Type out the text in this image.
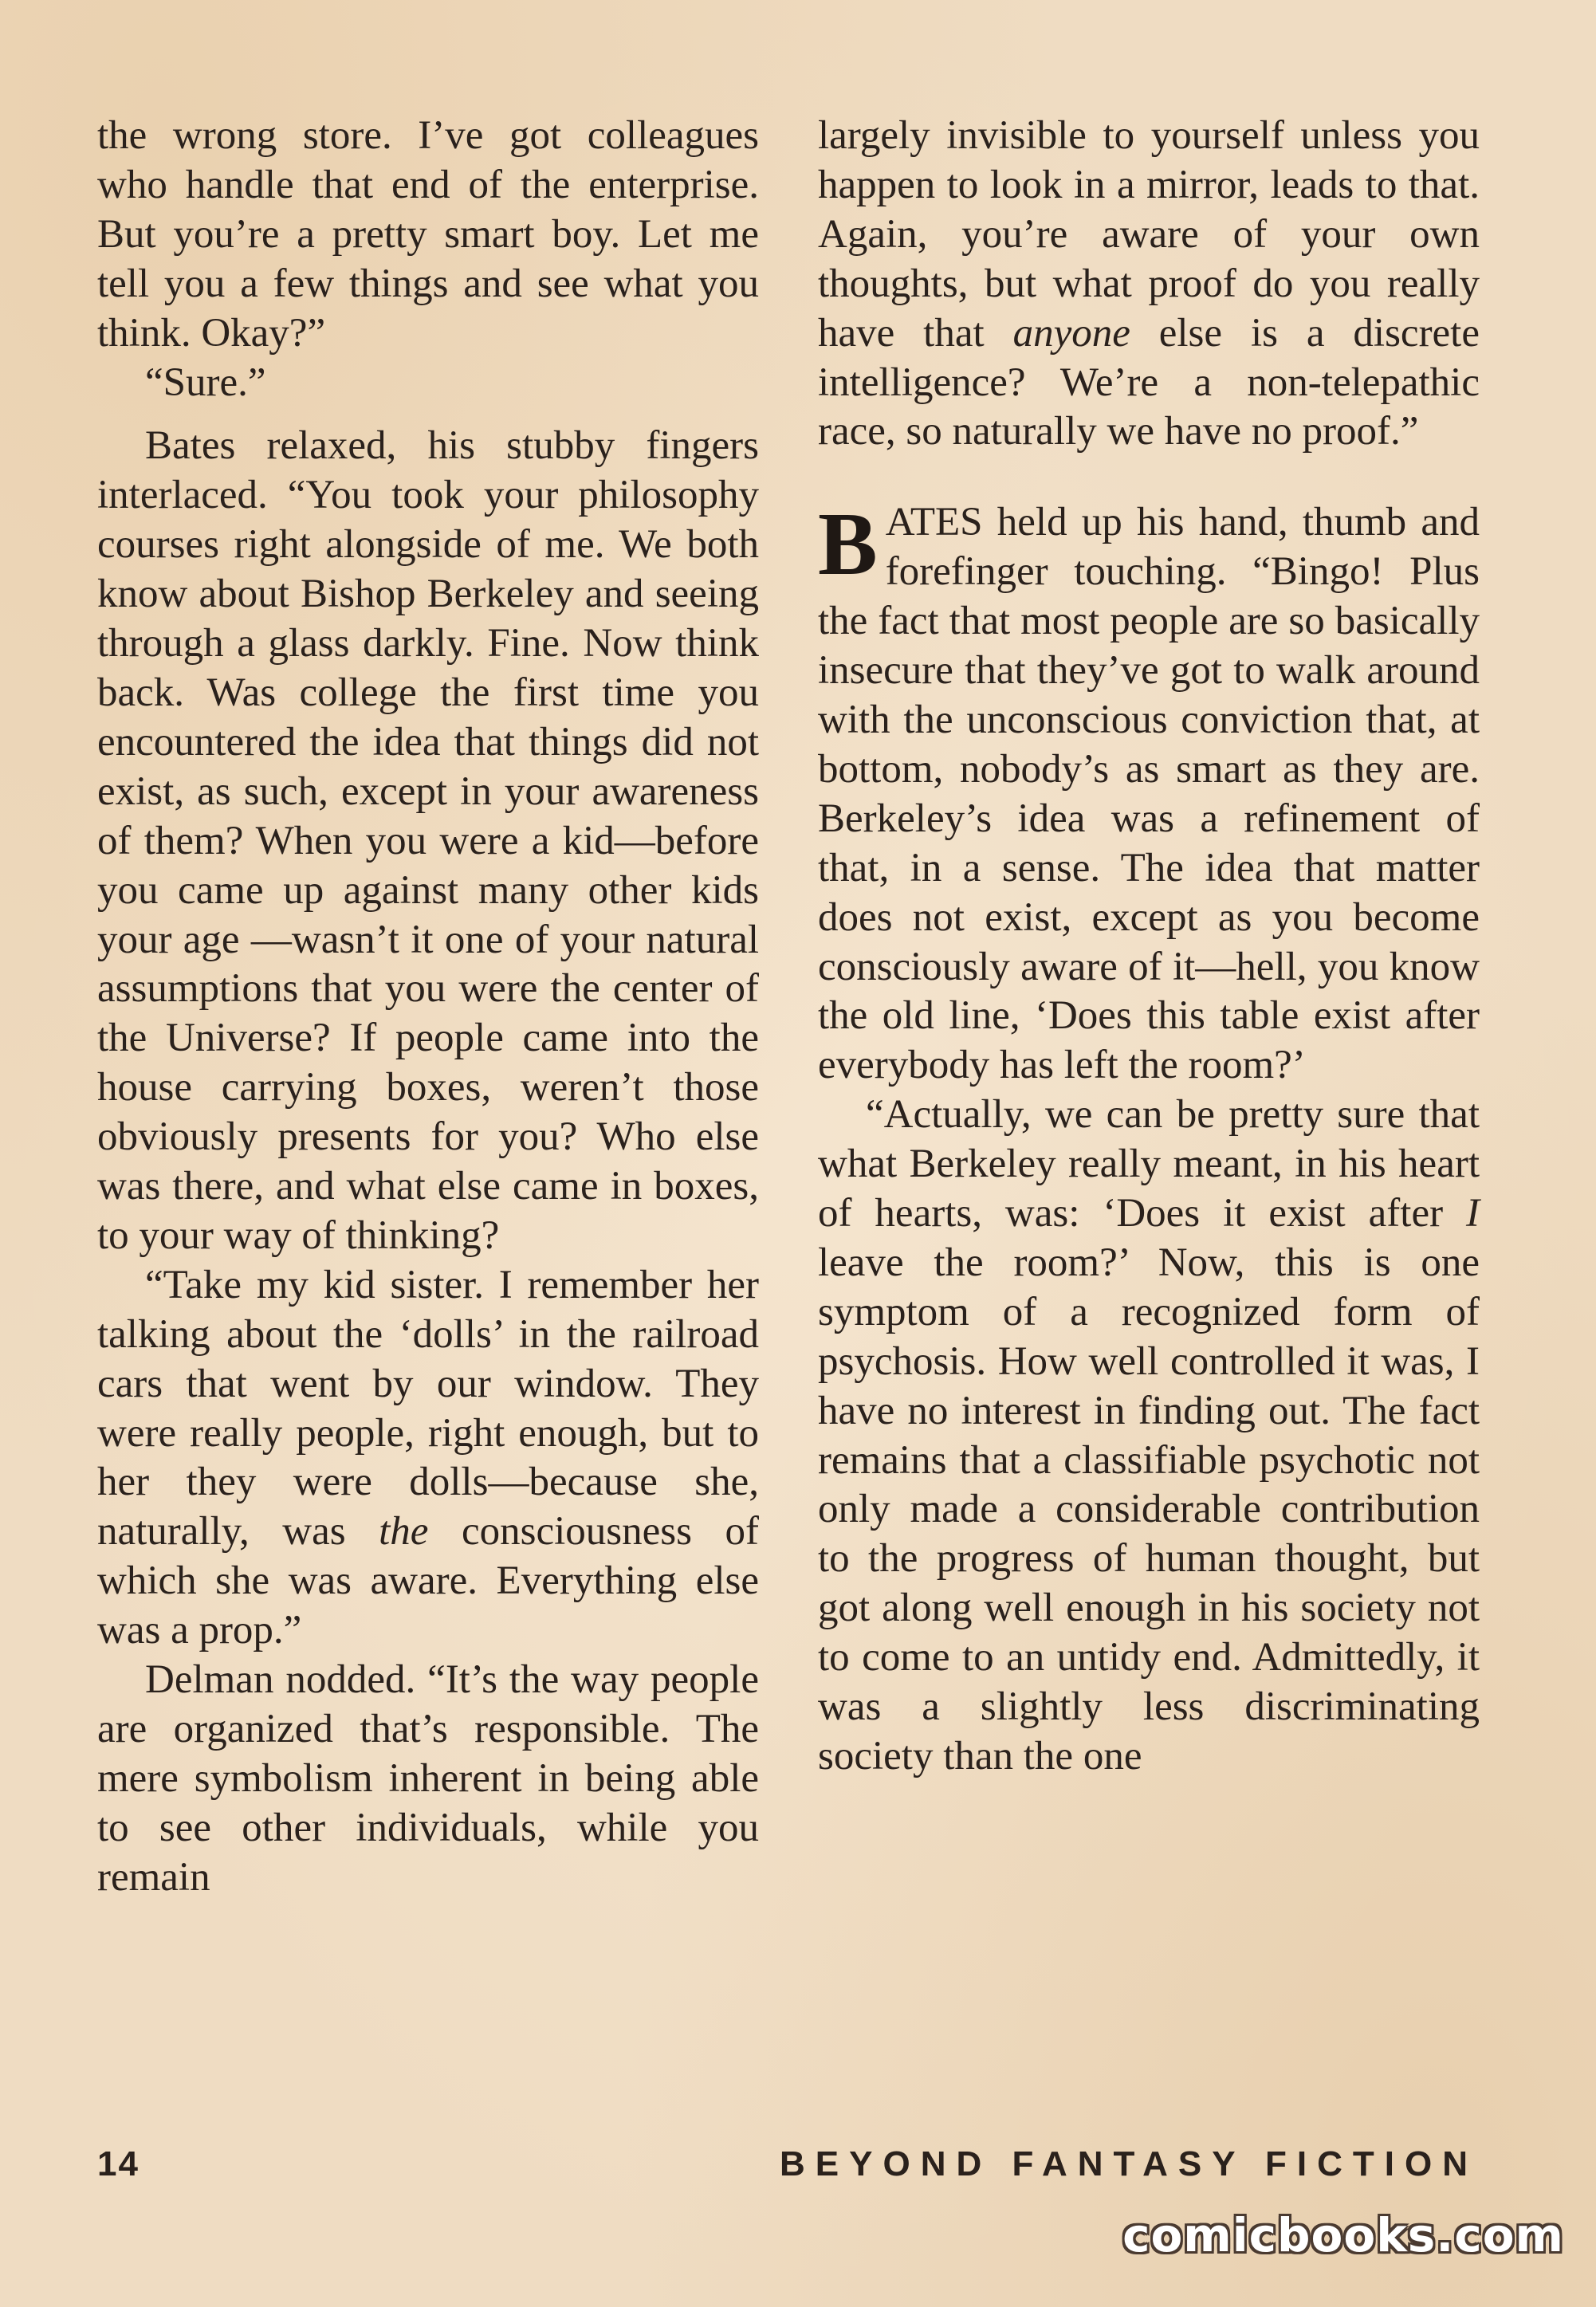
the wrong store. I’ve got colleagues who handle that end of the enterprise. But you’re a pretty smart boy. Let me tell you a few things and see what you think. Okay?”

“Sure.”

Bates relaxed, his stubby fingers interlaced. “You took your philosophy courses right alongside of me. We both know about Bishop Berkeley and seeing through a glass darkly. Fine. Now think back. Was college the first time you encountered the idea that things did not exist, as such, except in your awareness of them? When you were a kid—before you came up against many other kids your age —wasn’t it one of your natural assumptions that you were the center of the Universe? If people came into the house carrying boxes, weren’t those obviously presents for you? Who else was there, and what else came in boxes, to your way of thinking?

“Take my kid sister. I remember her talking about the ‘dolls’ in the railroad cars that went by our window. They were really people, right enough, but to her they were dolls—because she, naturally, was the consciousness of which she was aware. Everything else was a prop.”

Delman nodded. “It’s the way people are organized that’s responsible. The mere symbolism inherent in being able to see other individuals, while you remain

largely invisible to yourself unless you happen to look in a mirror, leads to that. Again, you’re aware of your own thoughts, but what proof do you really have that anyone else is a discrete intelligence? We’re a non-telepathic race, so naturally we have no proof.”

BATES held up his hand, thumb and forefinger touching. “Bingo! Plus the fact that most people are so basically insecure that they’ve got to walk around with the unconscious conviction that, at bottom, nobody’s as smart as they are. Berkeley’s idea was a refinement of that, in a sense. The idea that matter does not exist, except as you become consciously aware of it—hell, you know the old line, ‘Does this table exist after everybody has left the room?’

“Actually, we can be pretty sure that what Berkeley really meant, in his heart of hearts, was: ‘Does it exist after I leave the room?’ Now, this is one symptom of a recognized form of psychosis. How well controlled it was, I have no interest in finding out. The fact remains that a classifiable psychotic not only made a considerable contribution to the progress of human thought, but got along well enough in his society not to come to an untidy end. Admittedly, it was a slightly less discriminating society than the one

14	BEYOND FANTASY FICTION
comicbooks.com
